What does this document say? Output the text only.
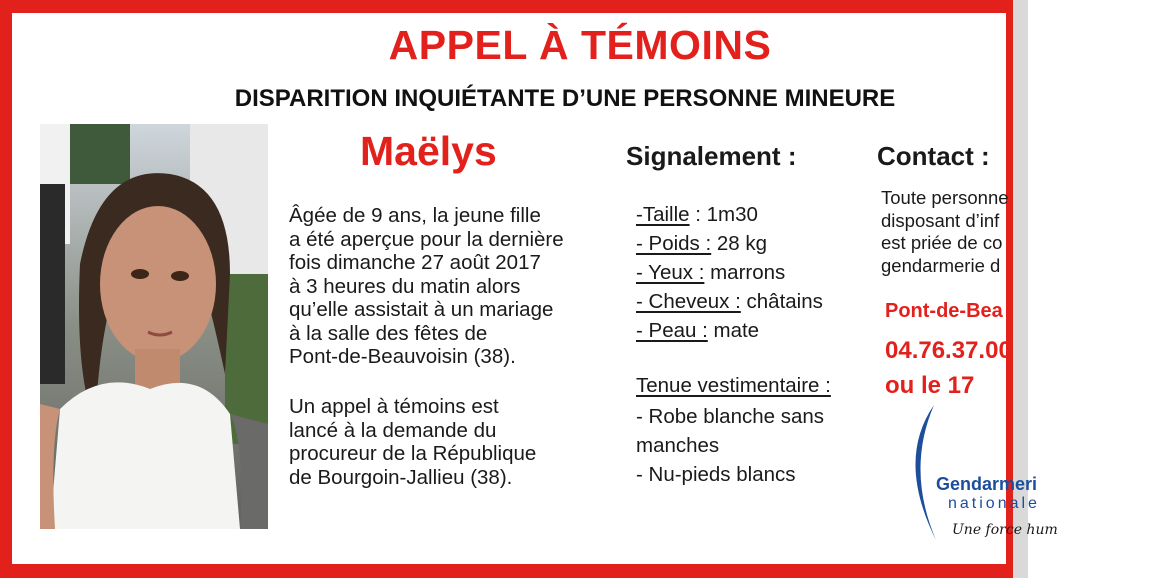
APPEL À TÉMOINS
DISPARITION INQUIÉTANTE D’UNE PERSONNE MINEURE
Maëlys
Âgée de 9 ans, la jeune fille
a été aperçue pour la dernière
fois dimanche 27 août 2017
à 3 heures du matin alors
qu’elle assistait à un mariage
à la salle des fêtes de
Pont-de-Beauvoisin (38).
Un appel à témoins est
lancé à la demande du
procureur de la République
de Bourgoin-Jallieu (38).
Signalement :
-Taille : 1m30
- Poids : 28 kg
- Yeux : marrons
- Cheveux : châtains
- Peau : mate
Tenue vestimentaire :
- Robe blanche sans manches
- Nu-pieds blancs
Contact :
Toute personne
disposant d’inf
est priée de co
gendarmerie d
Pont-de-Bea
04.76.37.00
ou le 17
Gendarmeri
nationale
Une force hum
